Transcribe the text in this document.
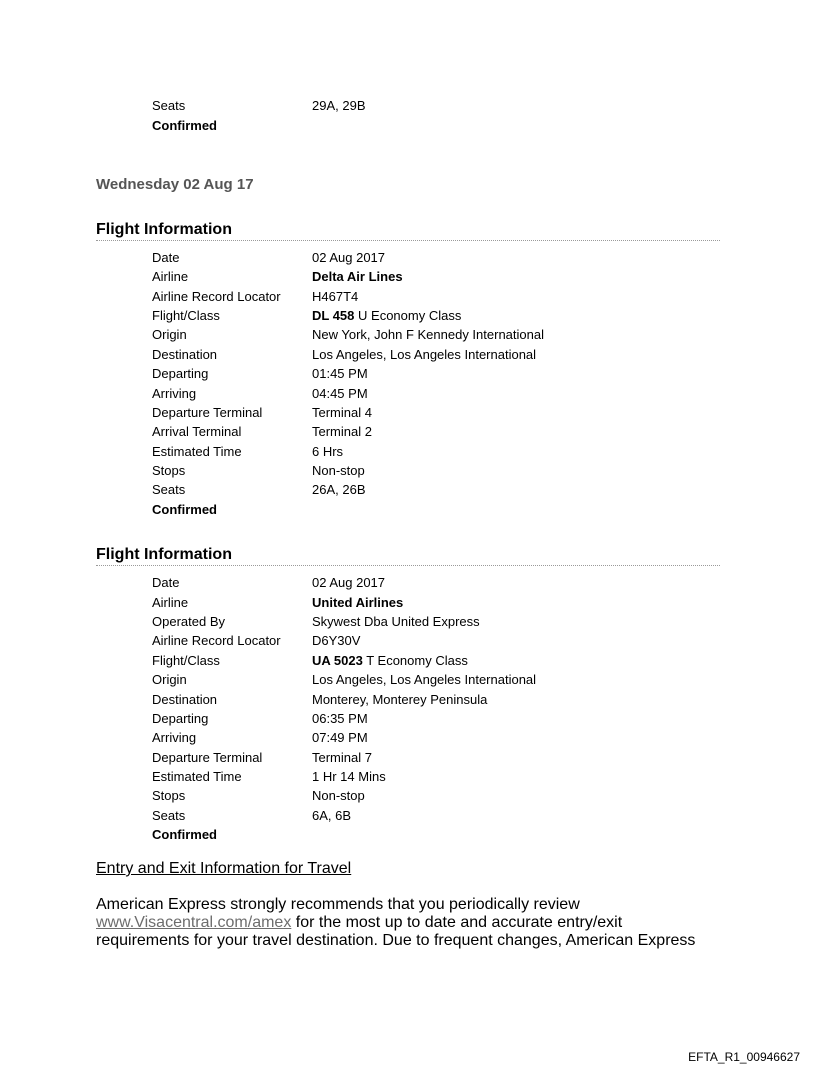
Seats	29A, 29B
Confirmed
Wednesday 02 Aug 17
Flight Information
Date	02 Aug 2017
Airline	Delta Air Lines
Airline Record Locator H467T4
Flight/Class	DL 458 U Economy Class
Origin	New York, John F Kennedy International
Destination	Los Angeles, Los Angeles International
Departing	01:45 PM
Arriving	04:45 PM
Departure Terminal	Terminal 4
Arrival Terminal	Terminal 2
Estimated Time	6 Hrs
Stops	Non-stop
Seats	26A, 26B
Confirmed
Flight Information
Date	02 Aug 2017
Airline	United Airlines
Operated By	Skywest Dba United Express
Airline Record Locator D6Y30V
Flight/Class	UA 5023 T Economy Class
Origin	Los Angeles, Los Angeles International
Destination	Monterey, Monterey Peninsula
Departing	06:35 PM
Arriving	07:49 PM
Departure Terminal	Terminal 7
Estimated Time	1 Hr 14 Mins
Stops	Non-stop
Seats	6A, 6B
Confirmed
Entry and Exit Information for Travel
American Express strongly recommends that you periodically review
www.Visacentral.com/amex for the most up to date and accurate entry/exit
requirements for your travel destination. Due to frequent changes, American Express
EFTA_R1_00946627
